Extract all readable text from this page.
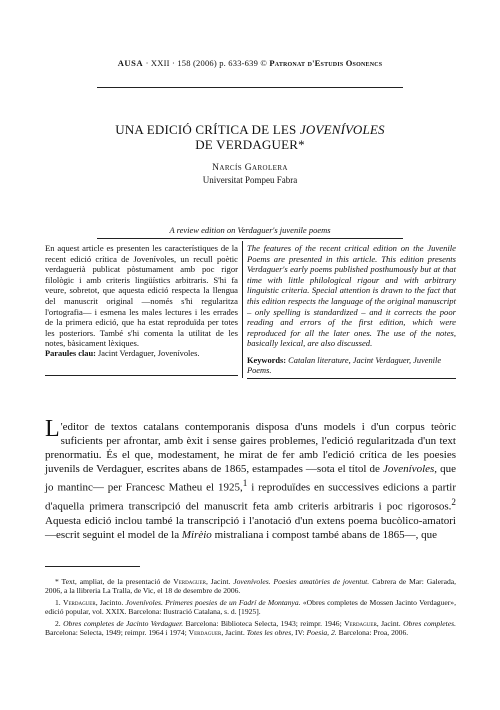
AUSA · XXII · 158 (2006) p. 633-639 © Patronat d'Estudis Osonencs
UNA EDICIÓ CRÍTICA DE LES JOVENÍVOLES
DE VERDAGUER*
Narcís Garolera
Universitat Pompeu Fabra
A review edition on Verdaguer's juvenile poems

En aquest article es presenten les característiques de la recent edició crítica de Jovenívoles, un recull poètic verdaguerià publicat pòstumament amb poc rigor filològic i amb criteris lingüístics arbitraris. S'hi fa veure, sobretot, que aquesta edició respecta la llengua del manuscrit original —només s'hi regularitza l'ortografia— i esmena les males lectures i les errades de la primera edició, que ha estat reproduïda per totes les posteriors. També s'hi comenta la utilitat de les notes, bàsicament lèxiques.

Paraules clau: Jacint Verdaguer, Jovenívoles.

The features of the recent critical edition on the Juvenile Poems are presented in this article. This edition presents Verdaguer's early poems published posthumously but at that time with little philological rigour and with arbitrary linguistic criteria. Special attention is drawn to the fact that this edition respects the language of the original manuscript – only spelling is standardized – and it corrects the poor reading and errors of the first edition, which were reproduced for all the later ones. The use of the notes, basically lexical, are also discussed.

Keywords: Catalan literature, Jacint Verdaguer, Juvenile Poems.

L 'editor de textos catalans contemporanis disposa d'uns models i d'un corpus teòric suficients per afrontar, amb èxit i sense gaires problemes, l'edició regularitzada d'un text prenormatiu. És el que, modestament, he mirat de fer amb l'edició crítica de les poesies juvenils de Verdaguer, escrites abans de 1865, estampades —sota el títol de Jovenívoles, que jo mantinc— per Francesc Matheu el 1925,$^1$ i reproduïdes en successives edicions a partir d'aquella primera transcripció del manuscrit feta amb criteris arbitraris i poc rigorosos.$^2$ Aquesta edició inclou també la transcripció i l'anotació d'un extens poema bucòlico-amatori —escrit seguint el model de la Mirèio mistraliana i compost també abans de 1865—, que

* Text, ampliat, de la presentació de Verdaguer, Jacint. Jovenívoles. Poesies amatòries de joventut. Cabrera de Mar: Galerada, 2006, a la llibreria La Tralla, de Vic, el 18 de desembre de 2006.

1. Verdaguer, Jacinto. Jovenívoles. Primeres poesies de un Fadrí de Montanya. «Obres completes de Mossen Jacinto Verdaguer», edició popular, vol. XXIX. Barcelona: Ilustració Catalana, s. d. [1925].

2. Obres completes de Jacinto Verdaguer. Barcelona: Biblioteca Selecta, 1943; reimpr. 1946; Verdaguer, Jacint. Obres completes. Barcelona: Selecta, 1949; reimpr. 1964 i 1974; Verdaguer, Jacint. Totes les obres, IV: Poesia, 2. Barcelona: Proa, 2006.
